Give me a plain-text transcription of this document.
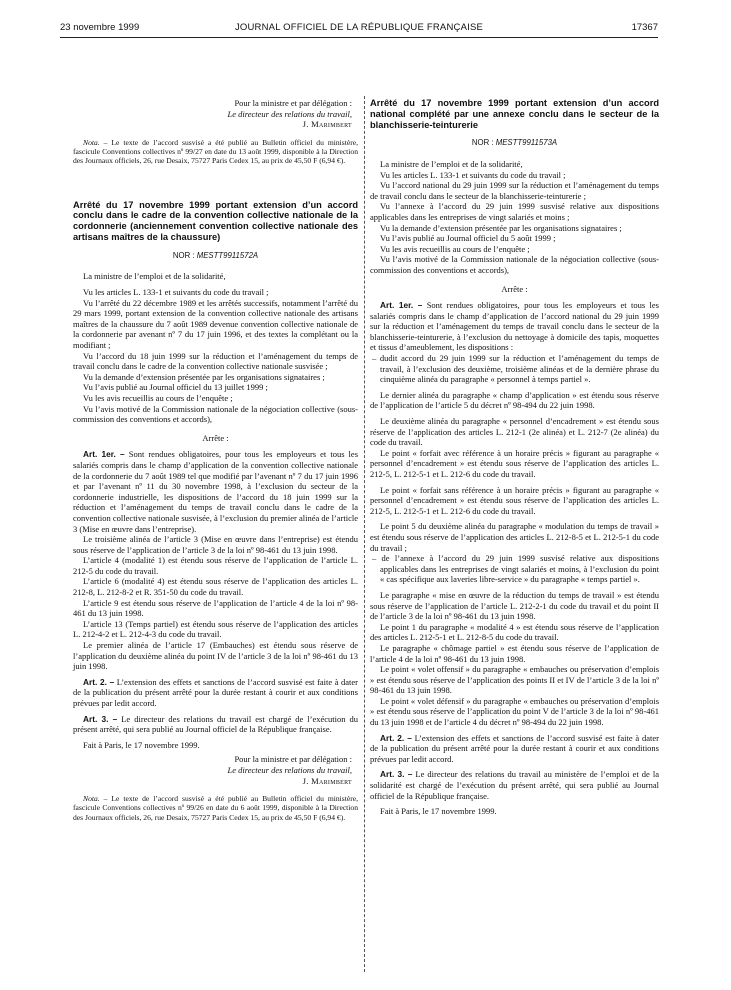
23 novembre 1999	JOURNAL OFFICIEL DE LA RÉPUBLIQUE FRANÇAISE	17367
Pour la ministre et par délégation :
Le directeur des relations du travail,
J. Marimbert

Nota. – Le texte de l’accord susvisé a été publié au Bulletin officiel du ministère, fascicule Conventions collectives nº 99/27 en date du 13 août 1999, disponible à la Direction des Journaux officiels, 26, rue Desaix, 75727 Paris Cedex 15, au prix de 45,50 F (6,94 €).

Arrêté du 17 novembre 1999 portant extension d’un accord conclu dans le cadre de la convention collective nationale de la cordonnerie (anciennement convention collective nationale des artisans maîtres de la chaussure)

NOR : MESTT9911572A

La ministre de l’emploi et de la solidarité,

Vu les articles L. 133-1 et suivants du code du travail ;

Vu l’arrêté du 22 décembre 1989 et les arrêtés successifs, notamment l’arrêté du 29 mars 1999, portant extension de la convention collective nationale des artisans maîtres de la chaussure du 7 août 1989 devenue convention collective nationale de la cordonnerie par avenant nº 7 du 17 juin 1996, et des textes la complétant ou la modifiant ;

Vu l’accord du 18 juin 1999 sur la réduction et l’aménagement du temps de travail conclu dans le cadre de la convention collective nationale susvisée ;

Vu la demande d’extension présentée par les organisations signataires ;

Vu l’avis publié au Journal officiel du 13 juillet 1999 ;

Vu les avis recueillis au cours de l’enquête ;

Vu l’avis motivé de la Commission nationale de la négociation collective (sous-commission des conventions et accords),

Arrête :

Art. 1er. – Sont rendues obligatoires, pour tous les employeurs et tous les salariés compris dans le champ d’application de la convention collective nationale de la cordonnerie du 7 août 1989 tel que modifié par l’avenant nº 7 du 17 juin 1996 et par l’avenant nº 11 du 30 novembre 1998, à l’exclusion du secteur de la cordonnerie industrielle, les dispositions de l’accord du 18 juin 1999 sur la réduction et l’aménagement du temps de travail conclu dans le cadre de la convention collective nationale susvisée, à l’exclusion du premier alinéa de l’article 3 (Mise en œuvre dans l’entreprise).

Le troisième alinéa de l’article 3 (Mise en œuvre dans l’entreprise) est étendu sous réserve de l’application de l’article 3 de la loi nº 98-461 du 13 juin 1998.

L’article 4 (modalité 1) est étendu sous réserve de l’application de l’article L. 212-5 du code du travail.

L’article 6 (modalité 4) est étendu sous réserve de l’application des articles L. 212-8, L. 212-8-2 et R. 351-50 du code du travail.

L’article 9 est étendu sous réserve de l’application de l’article 4 de la loi nº 98-461 du 13 juin 1998.

L’article 13 (Temps partiel) est étendu sous réserve de l’application des articles L. 212-4-2 et L. 212-4-3 du code du travail.

Le premier alinéa de l’article 17 (Embauches) est étendu sous réserve de l’application du deuxième alinéa du point IV de l’article 3 de la loi nº 98-461 du 13 juin 1998.

Art. 2. – L’extension des effets et sanctions de l’accord susvisé est faite à dater de la publication du présent arrêté pour la durée restant à courir et aux conditions prévues par ledit accord.

Art. 3. – Le directeur des relations du travail est chargé de l’exécution du présent arrêté, qui sera publié au Journal officiel de la République française.

Fait à Paris, le 17 novembre 1999.

Pour la ministre et par délégation :
Le directeur des relations du travail,
J. Marimbert

Nota. – Le texte de l’accord susvisé a été publié au Bulletin officiel du ministère, fascicule Conventions collectives nº 99/26 en date du 6 août 1999, disponible à la Direction des Journaux officiels, 26, rue Desaix, 75727 Paris Cedex 15, au prix de 45,50 F (6,94 €).

Arrêté du 17 novembre 1999 portant extension d’un accord national complété par une annexe conclu dans le secteur de la blanchisserie-teinturerie

NOR : MESTT9911573A

La ministre de l’emploi et de la solidarité,

Vu les articles L. 133-1 et suivants du code du travail ;

Vu l’accord national du 29 juin 1999 sur la réduction et l’aménagement du temps de travail conclu dans le secteur de la blanchisserie-teinturerie ;

Vu l’annexe à l’accord du 29 juin 1999 susvisé relative aux dispositions applicables dans les entreprises de vingt salariés et moins ;

Vu la demande d’extension présentée par les organisations signataires ;

Vu l’avis publié au Journal officiel du 5 août 1999 ;

Vu les avis recueillis au cours de l’enquête ;

Vu l’avis motivé de la Commission nationale de la négociation collective (sous-commission des conventions et accords),

Arrête :

Art. 1er. – Sont rendues obligatoires, pour tous les employeurs et tous les salariés compris dans le champ d’application de l’accord national du 29 juin 1999 sur la réduction et l’aménagement du temps de travail conclu dans le secteur de la blanchisserie-teinturerie, à l’exclusion du nettoyage à domicile des tapis, moquettes et tissus d’ameublement, les dispositions :

– dudit accord du 29 juin 1999 sur la réduction et l’aménagement du temps de travail, à l’exclusion des deuxième, troisième alinéas et de la dernière phrase du cinquième alinéa du paragraphe « personnel à temps partiel ».

Le dernier alinéa du paragraphe « champ d’application » est étendu sous réserve de l’application de l’article 5 du décret nº 98-494 du 22 juin 1998.

Le deuxième alinéa du paragraphe « personnel d’encadrement » est étendu sous réserve de l’application des articles L. 212-1 (2e alinéa) et L. 212-7 (2e alinéa) du code du travail.

Le point « forfait avec référence à un horaire précis » figurant au paragraphe « personnel d’encadrement » est étendu sous réserve de l’application des articles L. 212-5, L. 212-5-1 et L. 212-6 du code du travail.

Le point « forfait sans référence à un horaire précis » figurant au paragraphe « personnel d’encadrement » est étendu sous réserve de l’application des articles L. 212-5, L. 212-5-1 et L. 212-6 du code du travail.

Le point 5 du deuxième alinéa du paragraphe « modulation du temps de travail » est étendu sous réserve de l’application des articles L. 212-8-5 et L. 212-5-1 du code du travail ;

– de l’annexe à l’accord du 29 juin 1999 susvisé relative aux dispositions applicables dans les entreprises de vingt salariés et moins, à l’exclusion du point « cas spécifique aux laveries libre-service » du paragraphe « temps partiel ».

Le paragraphe « mise en œuvre de la réduction du temps de travail » est étendu sous réserve de l’application de l’article L. 212-2-1 du code du travail et du point II de l’article 3 de la loi nº 98-461 du 13 juin 1998.

Le point 1 du paragraphe « modalité 4 » est étendu sous réserve de l’application des articles L. 212-5-1 et L. 212-8-5 du code du travail.

Le paragraphe « chômage partiel » est étendu sous réserve de l’application de l’article 4 de la loi nº 98-461 du 13 juin 1998.

Le point « volet offensif » du paragraphe « embauches ou préservation d’emplois » est étendu sous réserve de l’application des points II et IV de l’article 3 de la loi nº 98-461 du 13 juin 1998.

Le point « volet défensif » du paragraphe « embauches ou préservation d’emplois » est étendu sous réserve de l’application du point V de l’article 3 de la loi nº 98-461 du 13 juin 1998 et de l’article 4 du décret nº 98-494 du 22 juin 1998.

Art. 2. – L’extension des effets et sanctions de l’accord susvisé est faite à dater de la publication du présent arrêté pour la durée restant à courir et aux conditions prévues par ledit accord.

Art. 3. – Le directeur des relations du travail au ministère de l’emploi et de la solidarité est chargé de l’exécution du présent arrêté, qui sera publié au Journal officiel de la République française.

Fait à Paris, le 17 novembre 1999.
